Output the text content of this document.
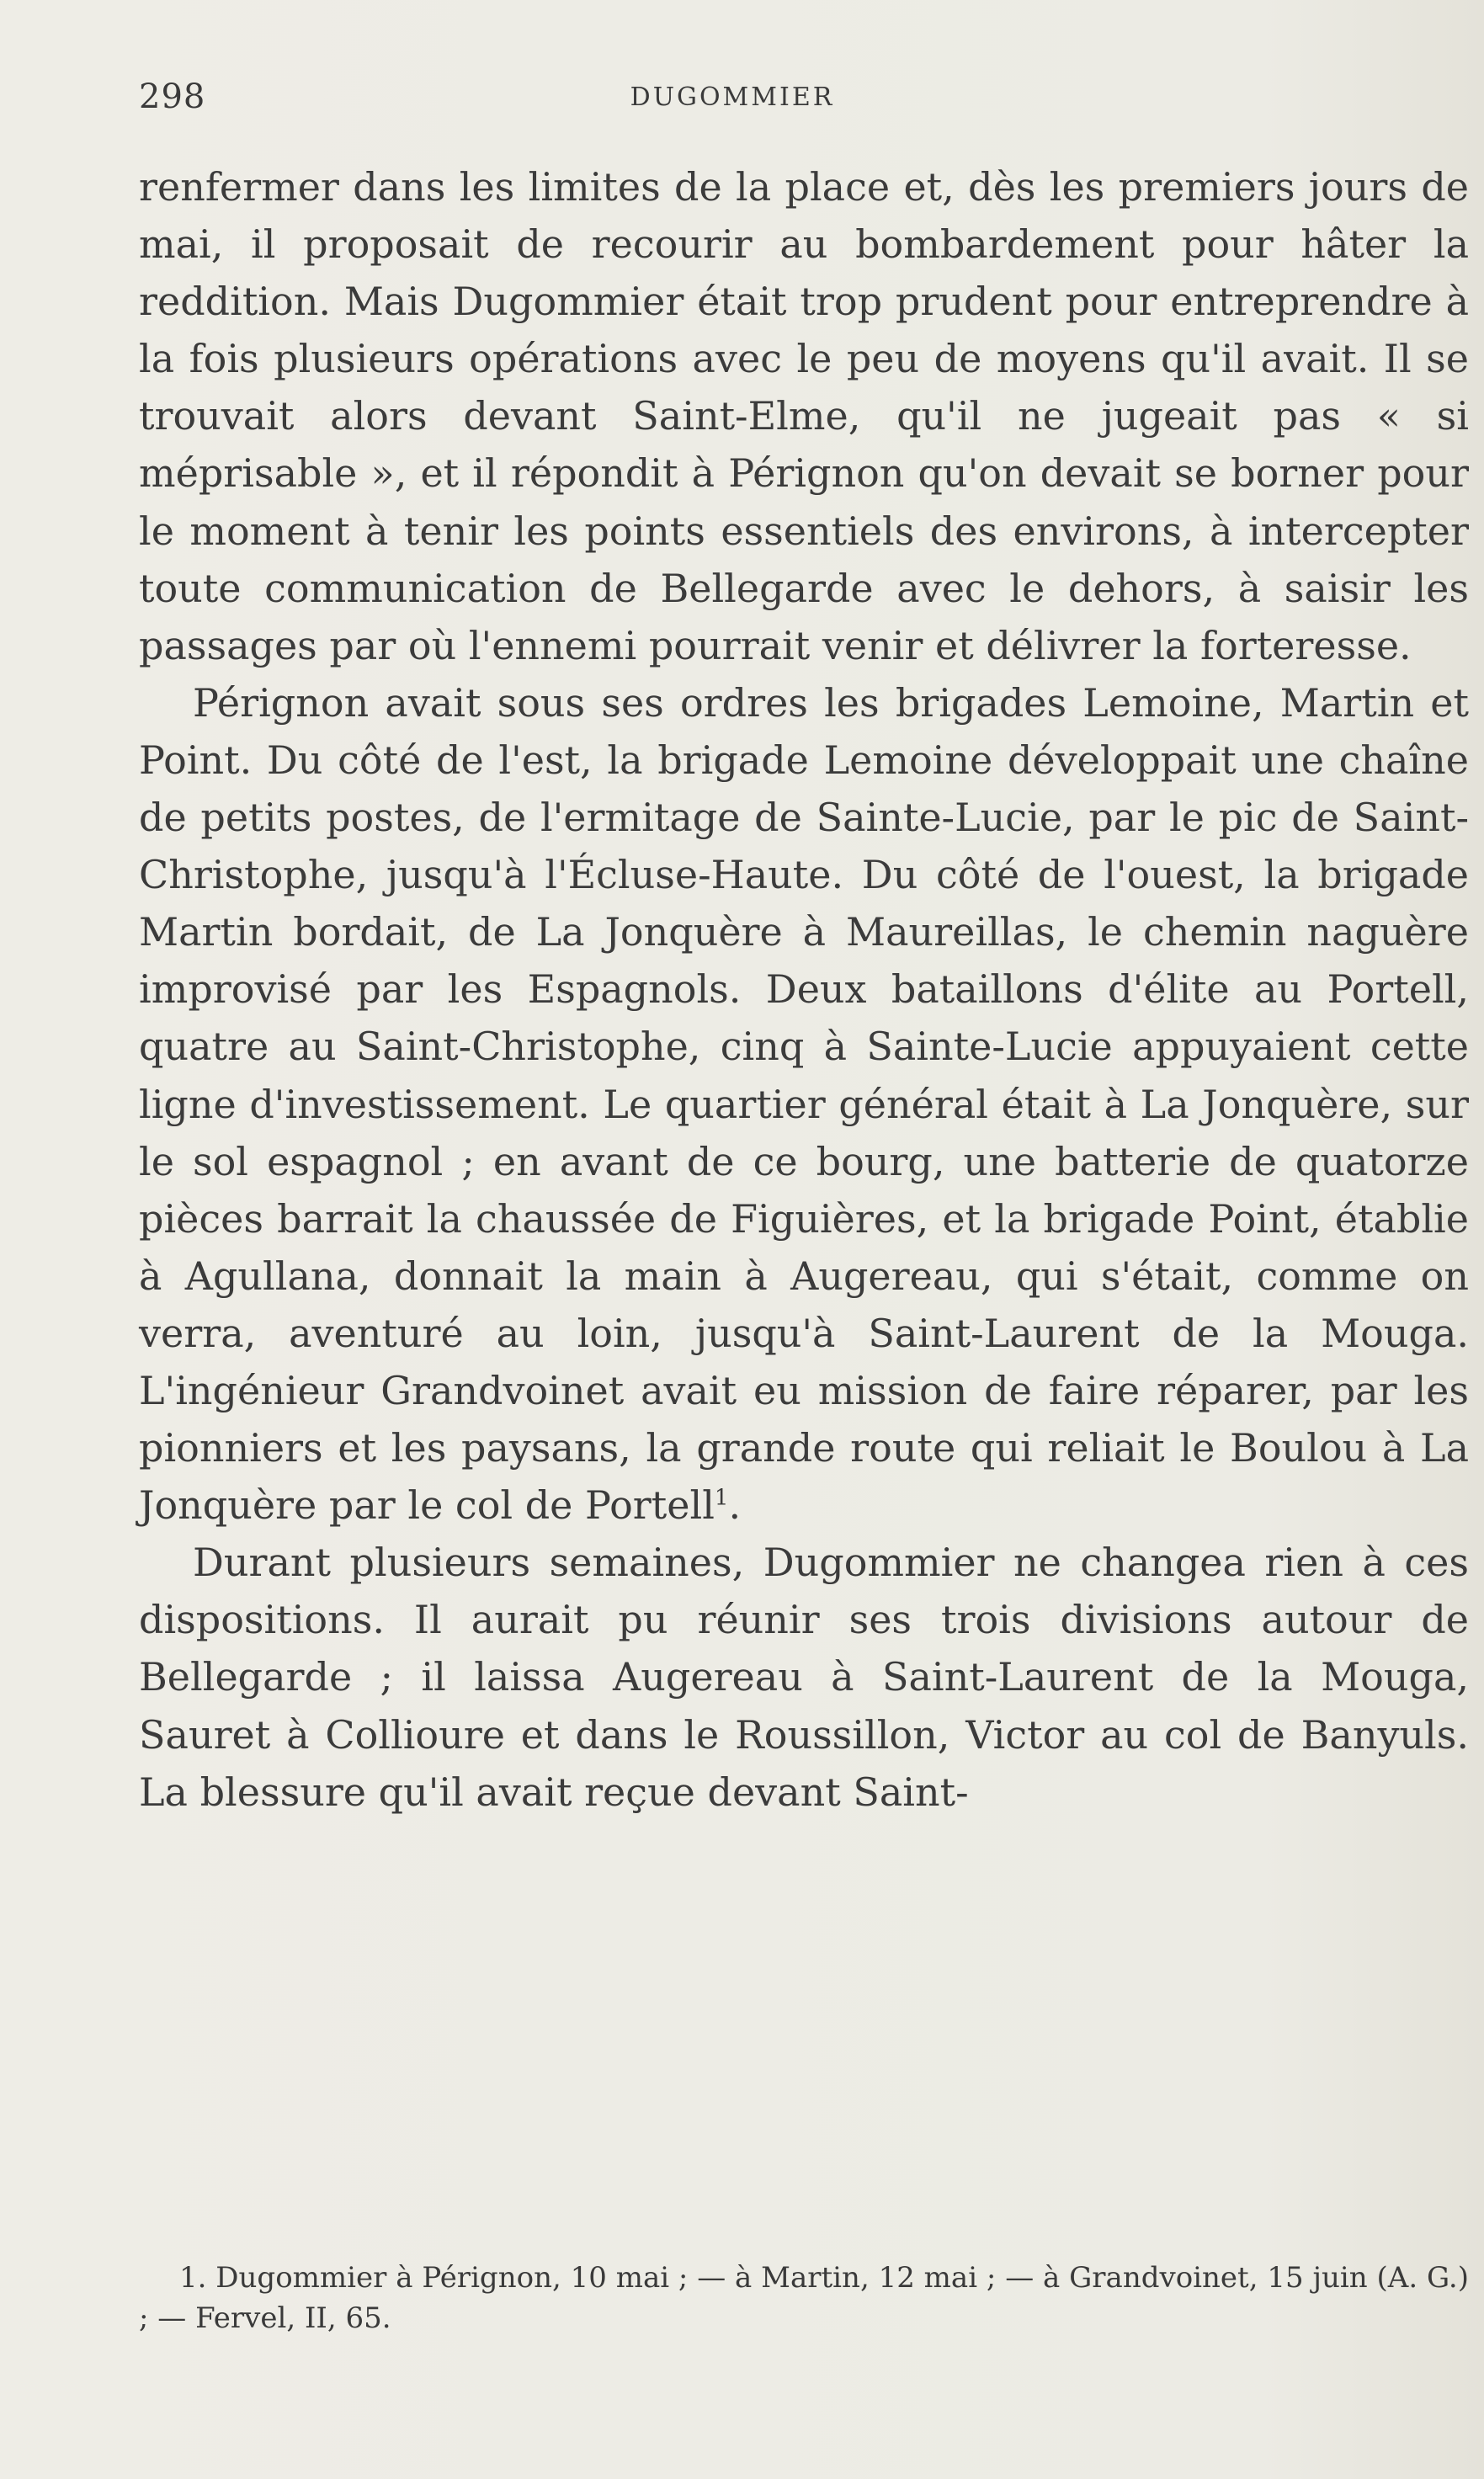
298	DUGOMMIER

renfermer dans les limites de la place et, dès les premiers jours de mai, il proposait de recourir au bombardement pour hâter la reddition. Mais Dugommier était trop prudent pour entreprendre à la fois plusieurs opérations avec le peu de moyens qu'il avait. Il se trouvait alors devant Saint-Elme, qu'il ne jugeait pas « si méprisable », et il répondit à Pérignon qu'on devait se borner pour le moment à tenir les points essentiels des environs, à intercepter toute communication de Bellegarde avec le dehors, à saisir les passages par où l'ennemi pourrait venir et délivrer la forteresse.

Pérignon avait sous ses ordres les brigades Lemoine, Martin et Point. Du côté de l'est, la brigade Lemoine développait une chaîne de petits postes, de l'ermitage de Sainte-Lucie, par le pic de Saint-Christophe, jusqu'à l'Écluse-Haute. Du côté de l'ouest, la brigade Martin bordait, de La Jonquère à Maureillas, le chemin naguère improvisé par les Espagnols. Deux bataillons d'élite au Portell, quatre au Saint-Christophe, cinq à Sainte-Lucie appuyaient cette ligne d'investissement. Le quartier général était à La Jonquère, sur le sol espagnol ; en avant de ce bourg, une batterie de quatorze pièces barrait la chaussée de Figuières, et la brigade Point, établie à Agullana, donnait la main à Augereau, qui s'était, comme on verra, aventuré au loin, jusqu'à Saint-Laurent de la Mouga. L'ingénieur Grandvoinet avait eu mission de faire réparer, par les pionniers et les paysans, la grande route qui reliait le Boulou à La Jonquère par le col de Portell$^1$.

Durant plusieurs semaines, Dugommier ne changea rien à ces dispositions. Il aurait pu réunir ses trois divisions autour de Bellegarde ; il laissa Augereau à Saint-Laurent de la Mouga, Sauret à Collioure et dans le Roussillon, Victor au col de Banyuls. La blessure qu'il avait reçue devant Saint-

1. Dugommier à Pérignon, 10 mai ; — à Martin, 12 mai ; — à Grandvoinet, 15 juin (A. G.) ; — Fervel, II, 65.
